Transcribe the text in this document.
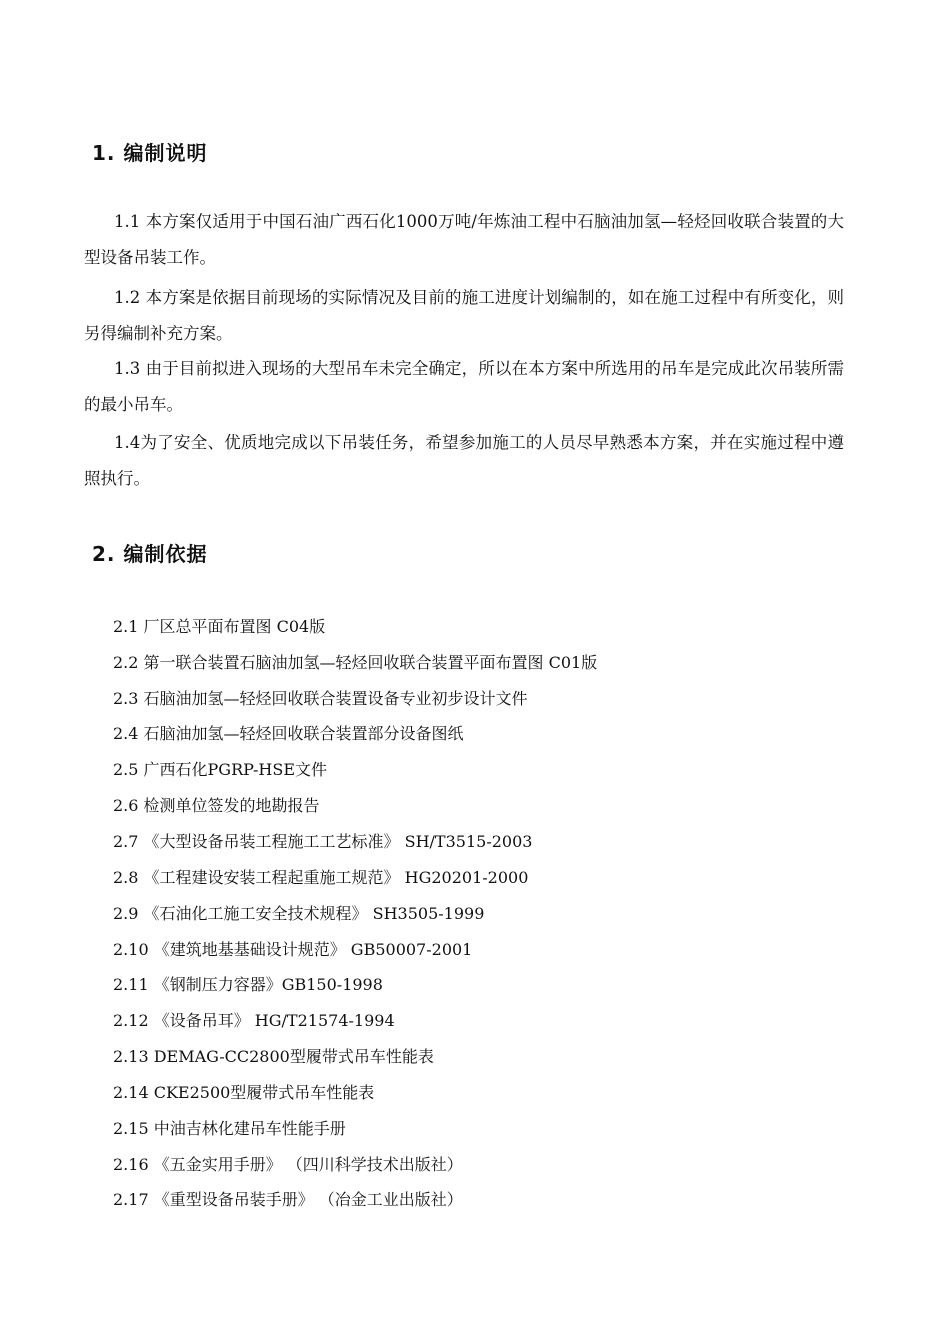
1. 编制说明
1.1 本方案仅适用于中国石油广西石化1000万吨/年炼油工程中石脑油加氢—轻烃回收联合装置的大型设备吊装工作。
1.2 本方案是依据目前现场的实际情况及目前的施工进度计划编制的，如在施工过程中有所变化，则另得编制补充方案。
1.3 由于目前拟进入现场的大型吊车未完全确定，所以在本方案中所选用的吊车是完成此次吊装所需的最小吊车。
1.4为了安全、优质地完成以下吊装任务，希望参加施工的人员尽早熟悉本方案，并在实施过程中遵照执行。
2. 编制依据
2.1 厂区总平面布置图 C04版
2.2 第一联合装置石脑油加氢—轻烃回收联合装置平面布置图 C01版
2.3 石脑油加氢—轻烃回收联合装置设备专业初步设计文件
2.4 石脑油加氢—轻烃回收联合装置部分设备图纸
2.5 广西石化PGRP-HSE文件
2.6 检测单位签发的地勘报告
2.7 《大型设备吊装工程施工工艺标准》 SH/T3515-2003
2.8 《工程建设安装工程起重施工规范》 HG20201-2000
2.9 《石油化工施工安全技术规程》 SH3505-1999
2.10 《建筑地基基础设计规范》 GB50007-2001
2.11 《钢制压力容器》GB150-1998
2.12 《设备吊耳》 HG/T21574-1994
2.13 DEMAG-CC2800型履带式吊车性能表
2.14 CKE2500型履带式吊车性能表
2.15 中油吉林化建吊车性能手册
2.16 《五金实用手册》 （四川科学技术出版社）
2.17 《重型设备吊装手册》 （冶金工业出版社）
